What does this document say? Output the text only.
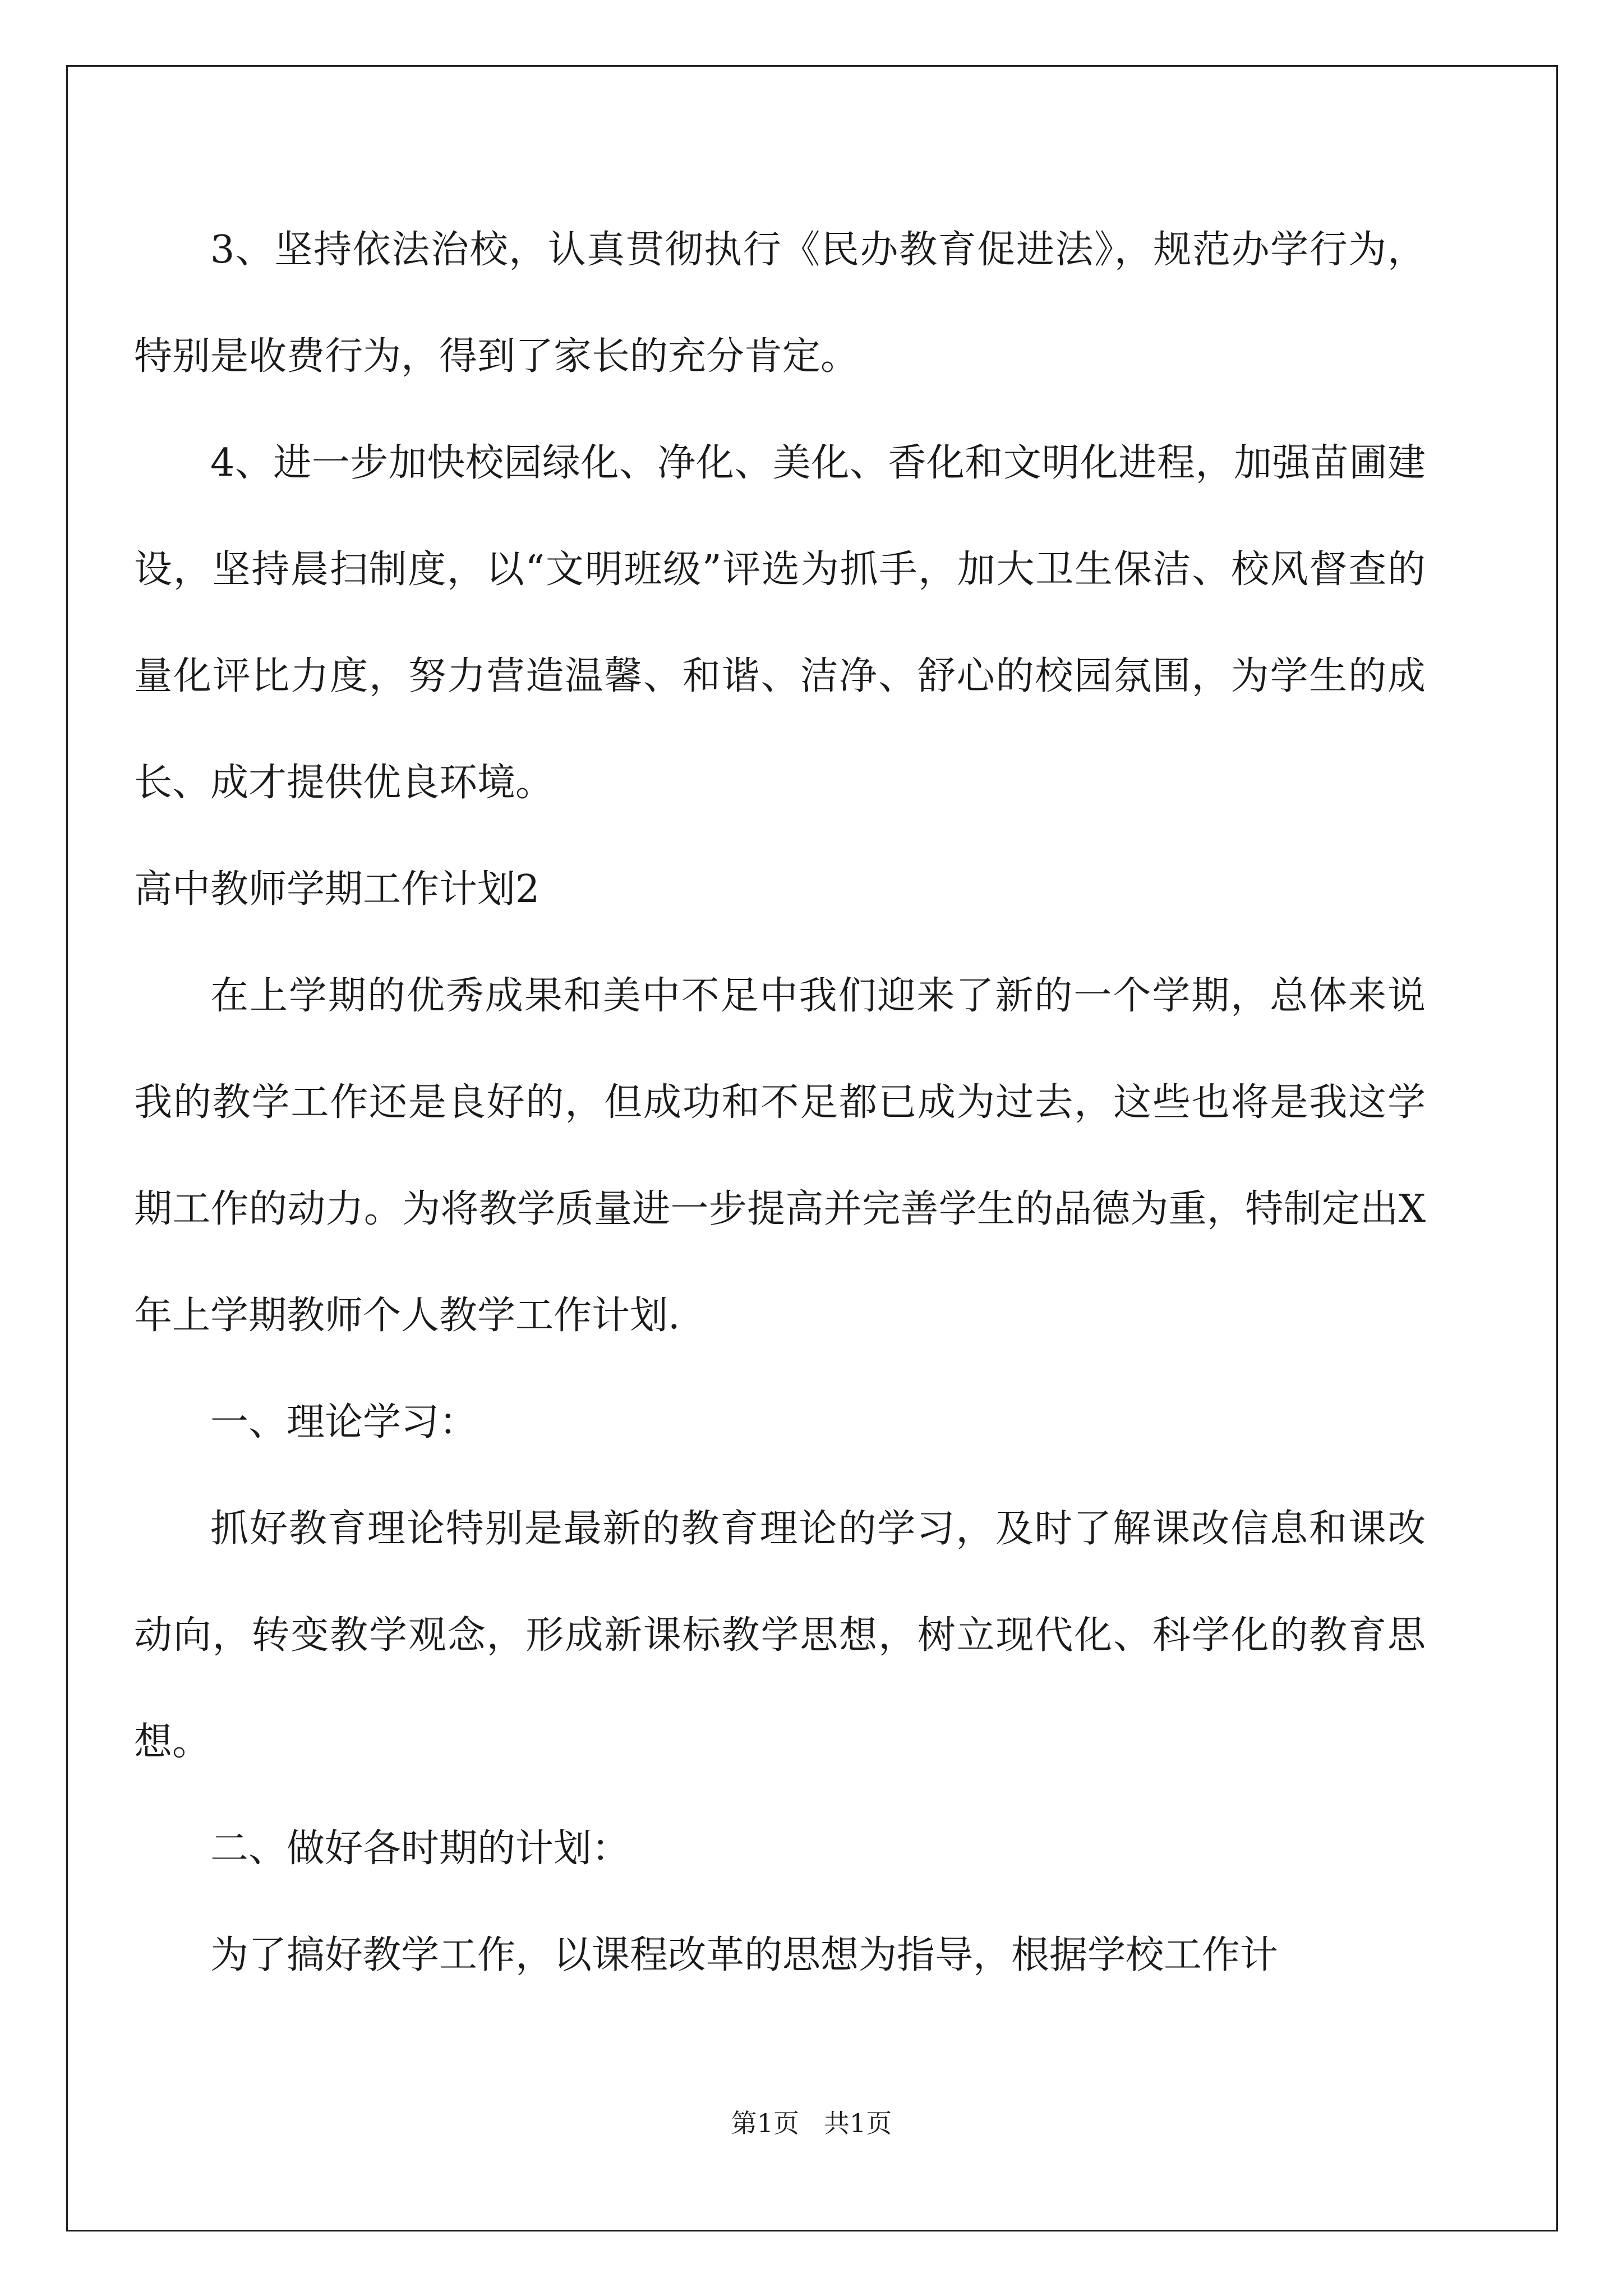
3、坚持依法治校，认真贯彻执行《民办教育促进法》，规范办学行为，特别是收费行为，得到了家长的充分肯定。

4、进一步加快校园绿化、净化、美化、香化和文明化进程，加强苗圃建设，坚持晨扫制度，以“文明班级”评选为抓手，加大卫生保洁、校风督查的量化评比力度，努力营造温馨、和谐、洁净、舒心的校园氛围，为学生的成长、成才提供优良环境。

高中教师学期工作计划2

在上学期的优秀成果和美中不足中我们迎来了新的一个学期，总体来说我的教学工作还是良好的，但成功和不足都已成为过去，这些也将是我这学期工作的动力。为将教学质量进一步提高并完善学生的品德为重，特制定出X年上学期教师个人教学工作计划.

一、理论学习：

抓好教育理论特别是最新的教育理论的学习，及时了解课改信息和课改动向，转变教学观念，形成新课标教学思想，树立现代化、科学化的教育思想。

二、做好各时期的计划：

为了搞好教学工作，以课程改革的思想为指导，根据学校工作计

第1页 共1页
